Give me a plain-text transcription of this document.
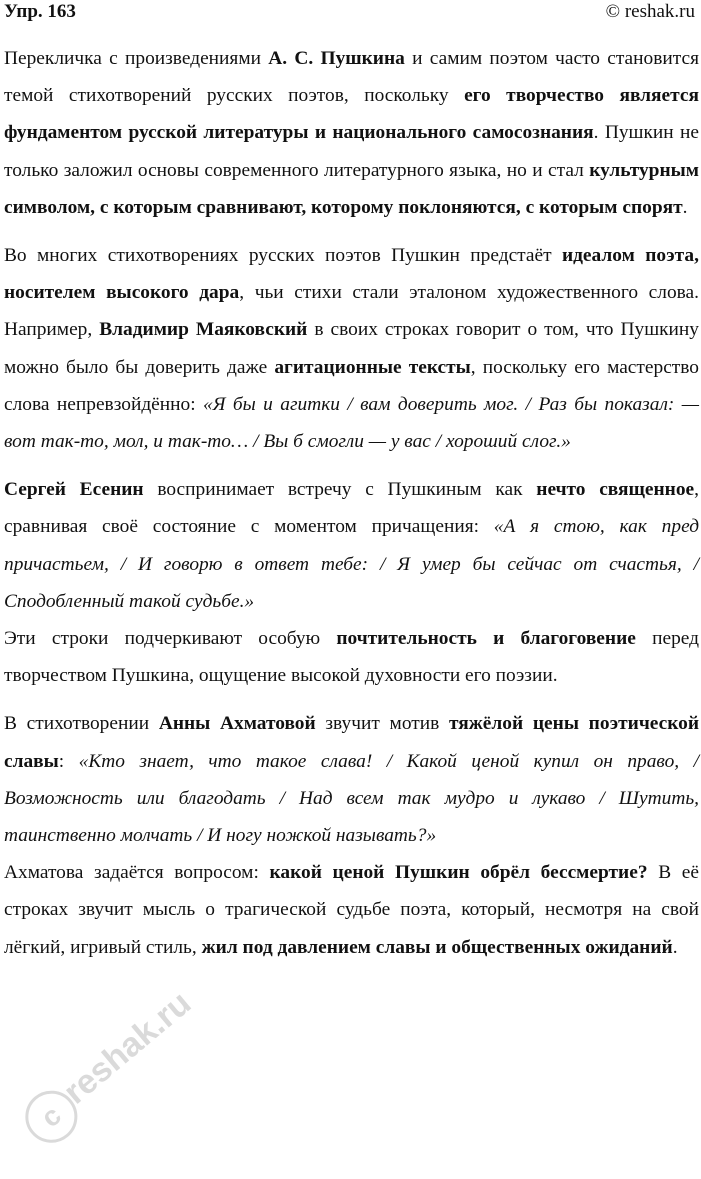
Упр. 163	© reshak.ru

Перекличка с произведениями А. С. Пушкина и самим поэтом часто становится темой стихотворений русских поэтов, поскольку его творчество является фундаментом русской литературы и национального самосознания. Пушкин не только заложил основы современного литературного языка, но и стал культурным символом, с которым сравнивают, которому поклоняются, с которым спорят.

Во многих стихотворениях русских поэтов Пушкин предстаёт идеалом поэта, носителем высокого дара, чьи стихи стали эталоном художественного слова. Например, Владимир Маяковский в своих строках говорит о том, что Пушкину можно было бы доверить даже агитационные тексты, поскольку его мастерство слова непревзойдённо: «Я бы и агитки / вам доверить мог. / Раз бы показал: — вот так-то, мол, и так-то… / Вы б смогли — у вас / хороший слог.»

Сергей Есенин воспринимает встречу с Пушкиным как нечто священное, сравнивая своё состояние с моментом причащения: «А я стою, как пред причастьем, / И говорю в ответ тебе: / Я умер бы сейчас от счастья, / Сподобленный такой судьбе.»

Эти строки подчеркивают особую почтительность и благоговение перед творчеством Пушкина, ощущение высокой духовности его поэзии.

В стихотворении Анны Ахматовой звучит мотив тяжёлой цены поэтической славы: «Кто знает, что такое слава! / Какой ценой купил он право, / Возможность или благодать / Над всем так мудро и лукаво / Шутить, таинственно молчать / И ногу ножкой называть?»

Ахматова задаётся вопросом: какой ценой Пушкин обрёл бессмертие? В её строках звучит мысль о трагической судьбе поэта, который, несмотря на свой лёгкий, игривый стиль, жил под давлением славы и общественных ожиданий.

c
reshak.ru
